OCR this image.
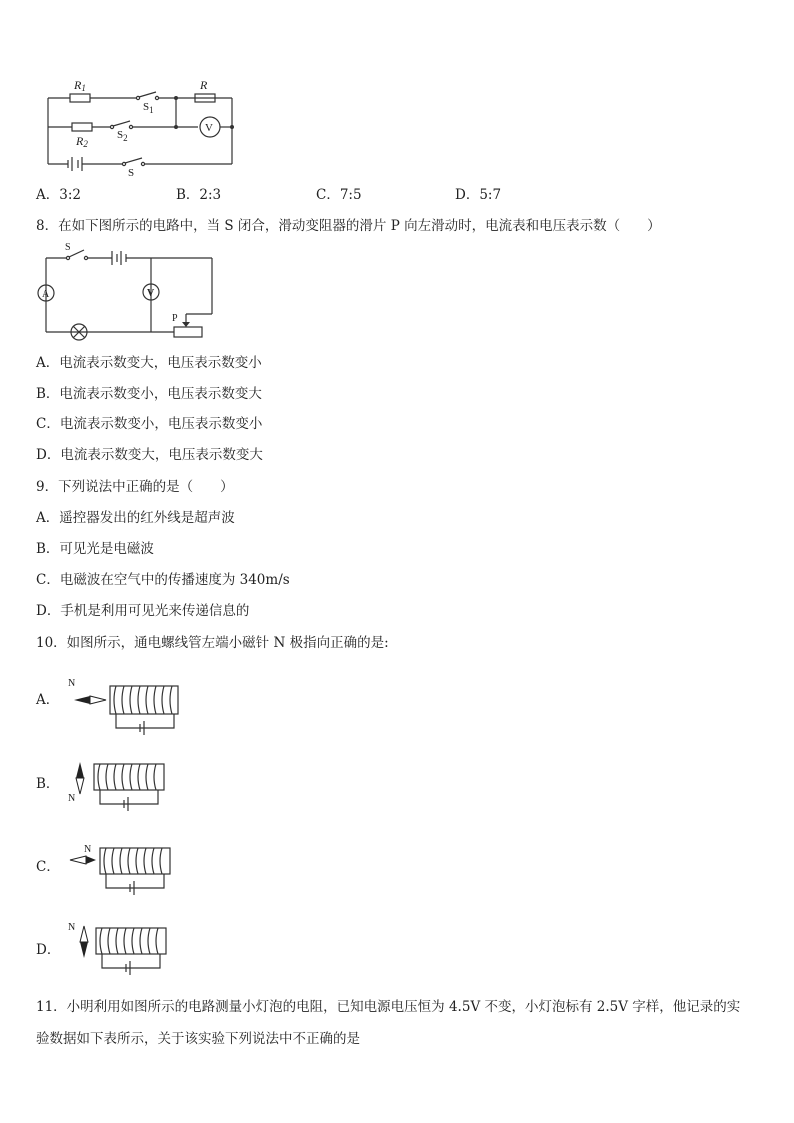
V
R1
$S_1$
R
R2
$S_2$
S
A．3:2	B．2:3	C．7:5	D．5:7
8．在如下图所示的电路中，当 S 闭合，滑动变阻器的滑片 P 向左滑动时，电流表和电压表示数（　　）
A	V
S
P
A．电流表示数变大，电压表示数变小
B．电流表示数变小，电压表示数变大
C．电流表示数变小，电压表示数变小
D．电流表示数变大，电压表示数变大
9．下列说法中正确的是（　　）
A．遥控器发出的红外线是超声波
B．可见光是电磁波
C．电磁波在空气中的传播速度为 340m/s
D．手机是利用可见光来传递信息的
10．如图所示，通电螺线管左端小磁针 N 极指向正确的是:
A．
N
B．
N
C．
N
D．
N
11．小明利用如图所示的电路测量小灯泡的电阻，已知电源电压恒为 4.5V 不变，小灯泡标有 2.5V 字样，他记录的实
验数据如下表所示，关于该实验下列说法中不正确的是
